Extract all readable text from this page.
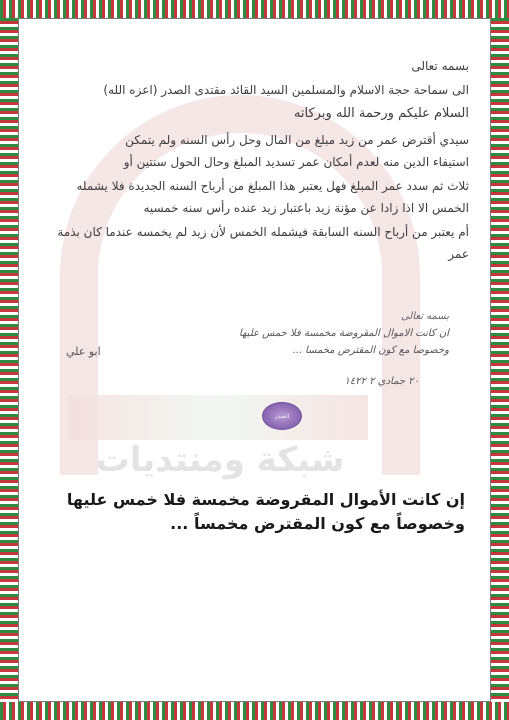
شبكة ومنتديات
بسمه تعالى
الى سماحة حجة الاسلام والمسلمين السيد القائد مقتدى الصدر (اعزه الله)
السلام عليكم ورحمة الله وبركاته
سيدي أقترض عمر من زيد مبلغ من المال وحل رأس السنه ولم يتمكن
استيفاء الدين منه لعدم أمكان عمر تسديد المبلغ وحال الحول سنتين أو
ثلاث ثم سدد عمر المبلغ فهل يعتبر هذا المبلغ من أرباح السنه الجديدة فلا يشمله
الخمس الا اذا زادا عن مؤنة زيد باعتبار زيد عنده رأس سنه خمسيه
أم يعتبر من أرباح السنه السابقة فيشمله الخمس لأن زيد لم يخمسه عندما كان بذمة
عمر
بسمه تعالى
ان كانت الاموال المقروضة مخمسة فلا خمس عليها
وخصوصا مع كون المقترض مخمسا ...
٢٠ جمادي ٢ ١٤٢٢
ابو علي
الصدر
إن كانت الأموال المقروضة مخمسة فلا خمس عليها
وخصوصاً مع كون المقترض مخمساً ...
